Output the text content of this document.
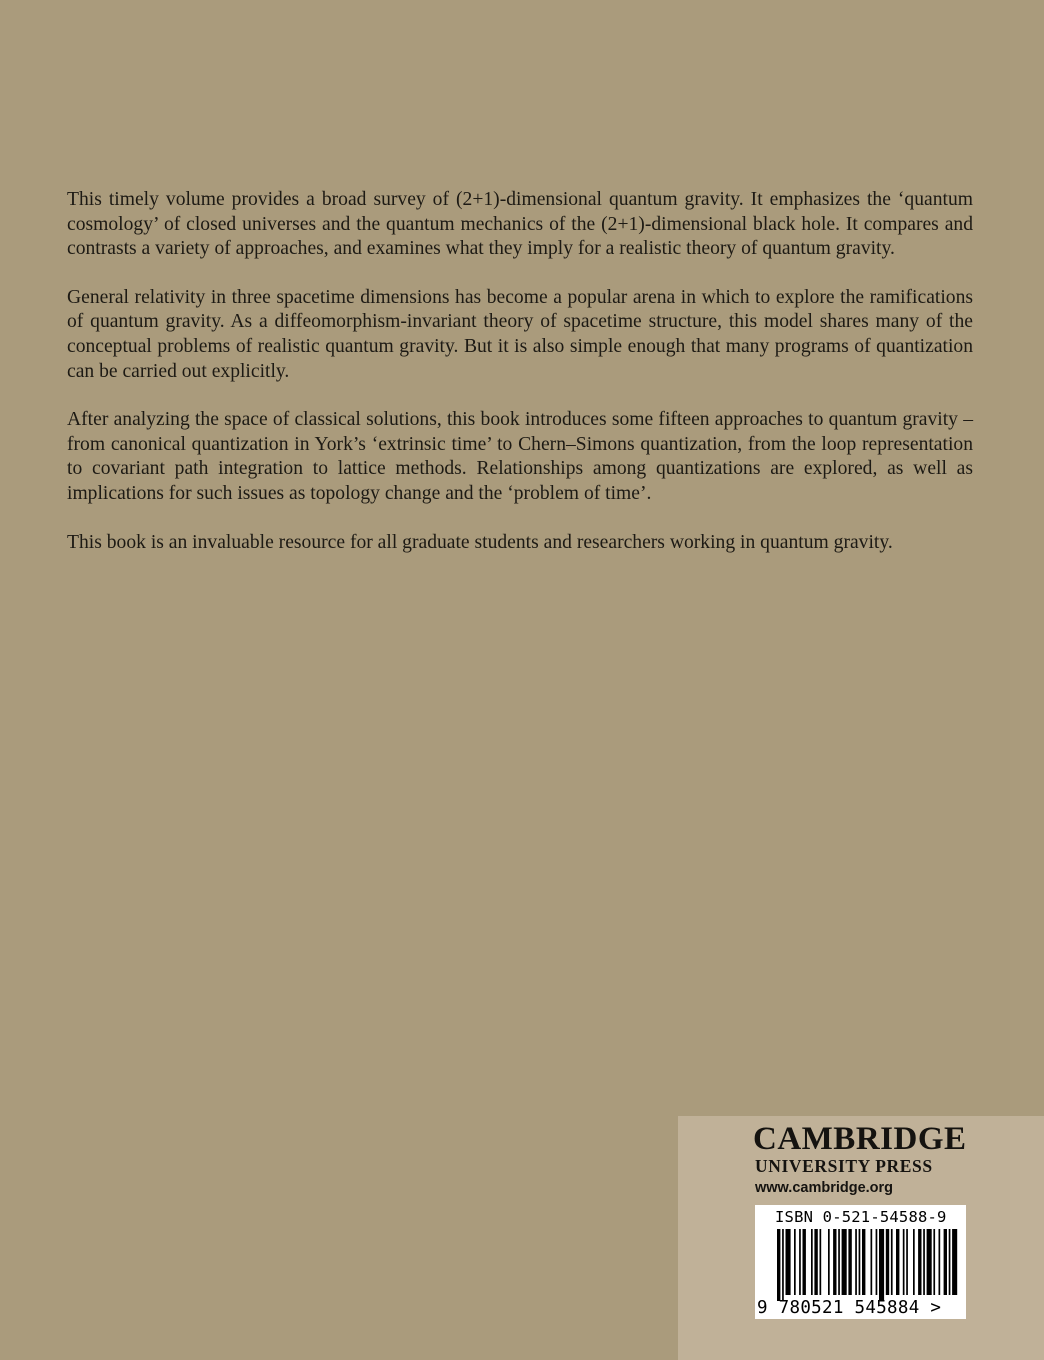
This timely volume provides a broad survey of (2+1)-dimensional quantum gravity. It emphasizes the ‘quantum cosmology’ of closed universes and the quantum mechanics of the (2+1)-dimensional black hole. It compares and contrasts a variety of approaches, and examines what they imply for a realistic theory of quantum gravity.

General relativity in three spacetime dimensions has become a popular arena in which to explore the ramifications of quantum gravity. As a diffeomorphism-invariant theory of spacetime structure, this model shares many of the conceptual problems of realistic quantum gravity. But it is also simple enough that many programs of quantization can be carried out explicitly.

After analyzing the space of classical solutions, this book introduces some fifteen approaches to quantum gravity – from canonical quantization in York’s ‘extrinsic time’ to Chern–Simons quantization, from the loop representation to covariant path integration to lattice methods. Relationships among quantizations are explored, as well as implications for such issues as topology change and the ‘problem of time’.

This book is an invaluable resource for all graduate students and researchers working in quantum gravity.

CAMBRIDGE
UNIVERSITY PRESS
www.cambridge.org
ISBN 0-521-54588-9
9 780521 545884 >
